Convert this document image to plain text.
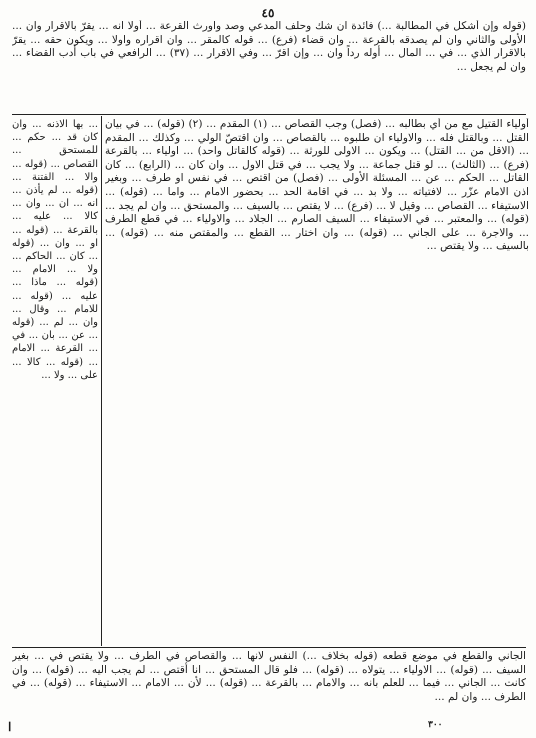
٤٥
(قوله وإن أشكل في المطالبة ...) فائدة ان شك وحلف المدعي وصد واورث القرعة ... أولا انه ... يقرّ بالاقرار وان ... الأولى والثاني وان لم يصدقه بالقرعة ... وان قضاء (فرع) ... قوله كالمقر ... وان اقراره واولا ... ويكون حقه ... يقرّ بالاقرار الذي ... في ... المال ... أوله رداً وان ... وإن اقرّ ... وفي الاقرار ... (٣٧) ... الرافعي في باب أدب القضاء ... وان لم يجعل ...
أولياء القتيل مع من أي بطالبه ... (فصل) وجب القصاص ... (١) المقدم ... (٢) (قوله) ... في بيان القتل ... وبالقتل فله ... والاولياء ان طلبوه ... بالقصاص ... وان اقتصّ الولي ... وكذلك ... المقدم ... (الاقل من ... القتل) ... ويكون ... الاولى للورثة ... (قوله كالقاتل واحد) ... اولياء ... بالقرعة (فرع) ... (الثالث) ... لو قتل جماعة ... ولا يجب ... في قتل الاول ... وان كان ... (الرابع) ... كان القاتل ... الحكم ... عن ... المسئلة الأولى ... (فصل) من اقتص ... في نفس او طرف ... وبغير اذن الامام عزّر ... لافتياته ... ولا بد ... في اقامة الحد ... بحضور الامام ... واما ... (قوله) ... الاستيفاء ... القصاص ... وقيل لا ... (فرع) ... لا يقتص ... بالسيف ... والمستحق ... وان لم يجد ... (قوله) ... والمعتبر ... في الاستيفاء ... السيف الصارم ... الجلاد ... والاولياء ... في قطع الطرف ... والاجرة ... على الجاني ... (قوله) ... وان اختار ... القطع ... والمقتص منه ... (قوله) ... بالسيف ... ولا يقتص ...
... بها الاذنه ... وان كان قد ... حكم ... للمستحق ... القصاص ... (قوله ... والا ... الفتنة ... (قوله ... لم يأذن ... انه ... ان ... وان ... كالا ... عليه ... بالقرعة ... (قوله ... او ... وان ... (قوله ... كان ... الحاكم ... ولا ... الامام ... (قوله ... ماذا ... عليه ... (قوله ... للامام ... وقال ... وان ... لم ... (قوله ... عن ... بان ... في ... القرعة ... الامام ... (قوله ... كالا ... على ... ولا ...
الجاني والقطع في موضع قطعه (قوله بخلاف ...) النفس لانها ... والقصاص في الطرف ... ولا يقتص في ... بغير السيف ... (قوله) ... الاولياء ... يتولاه ... (قوله) ... فلو قال المستحق ... انا أقتص ... لم يجب اليه ... (قوله) ... وان كانت ... الجاني ... فيما ... للعلم بانه ... والامام ... بالقرعة ... (قوله) ... لأن ... الامام ... الاستيفاء ... (قوله) ... في الطرف ... وان لم ...
ا	٣٠٠
